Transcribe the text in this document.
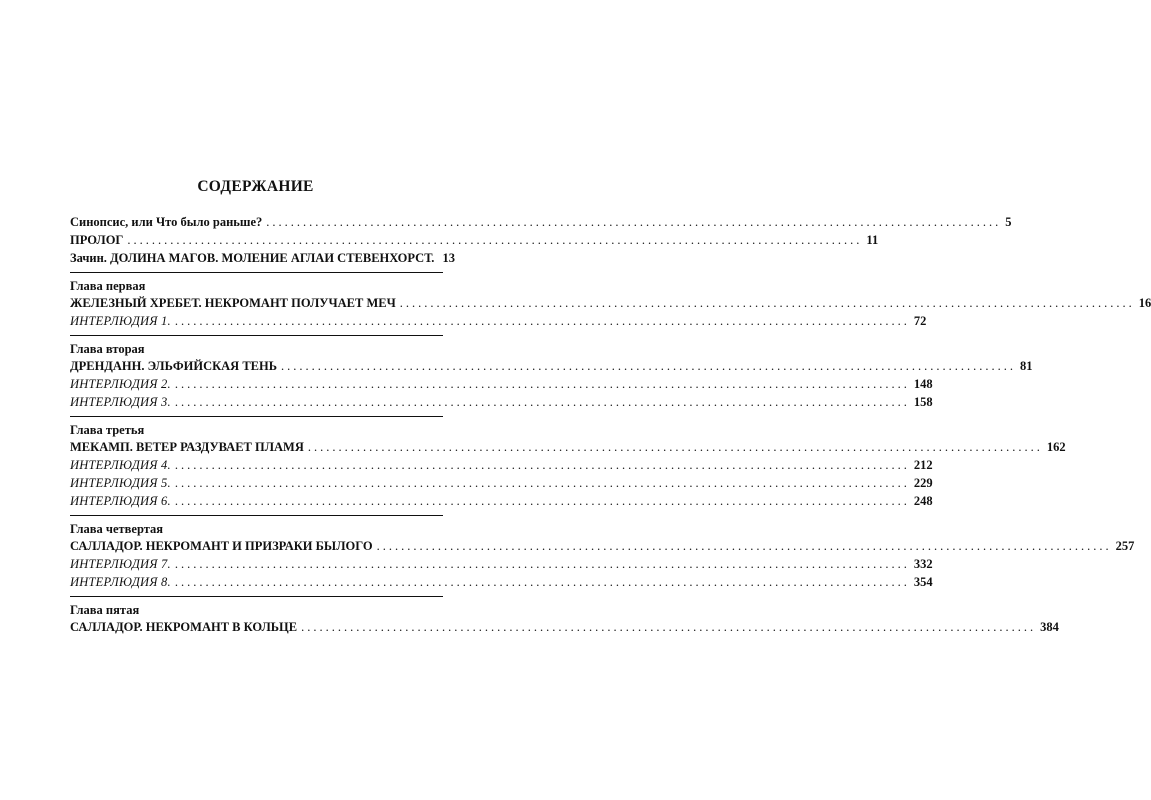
СОДЕРЖАНИЕ
Синопсис, или Что было раньше? ........................................................................................................................ 5
ПРОЛОГ ........................................................................................................................ 11
Зачин. ДОЛИНА МАГОВ. МОЛЕНИЕ АГЛАИ СТЕВЕНХОРСТ. 13
Глава первая
ЖЕЛЕЗНЫЙ ХРЕБЕТ. НЕКРОМАНТ ПОЛУЧАЕТ МЕЧ ........................................................................................................................ 16
ИНТЕРЛЮДИЯ 1. ........................................................................................................................ 72
Глава вторая
ДРЕНДАНН. ЭЛЬФИЙСКАЯ ТЕНЬ ........................................................................................................................ 81
ИНТЕРЛЮДИЯ 2. ........................................................................................................................ 148
ИНТЕРЛЮДИЯ 3. ........................................................................................................................ 158
Глава третья
МЕКАМП. ВЕТЕР РАЗДУВАЕТ ПЛАМЯ ........................................................................................................................ 162
ИНТЕРЛЮДИЯ 4. ........................................................................................................................ 212
ИНТЕРЛЮДИЯ 5. ........................................................................................................................ 229
ИНТЕРЛЮДИЯ 6. ........................................................................................................................ 248
Глава четвертая
САЛЛАДОР. НЕКРОМАНТ И ПРИЗРАКИ БЫЛОГО ........................................................................................................................ 257
ИНТЕРЛЮДИЯ 7. ........................................................................................................................ 332
ИНТЕРЛЮДИЯ 8. ........................................................................................................................ 354
Глава пятая
САЛЛАДОР. НЕКРОМАНТ В КОЛЬЦЕ ........................................................................................................................ 384
